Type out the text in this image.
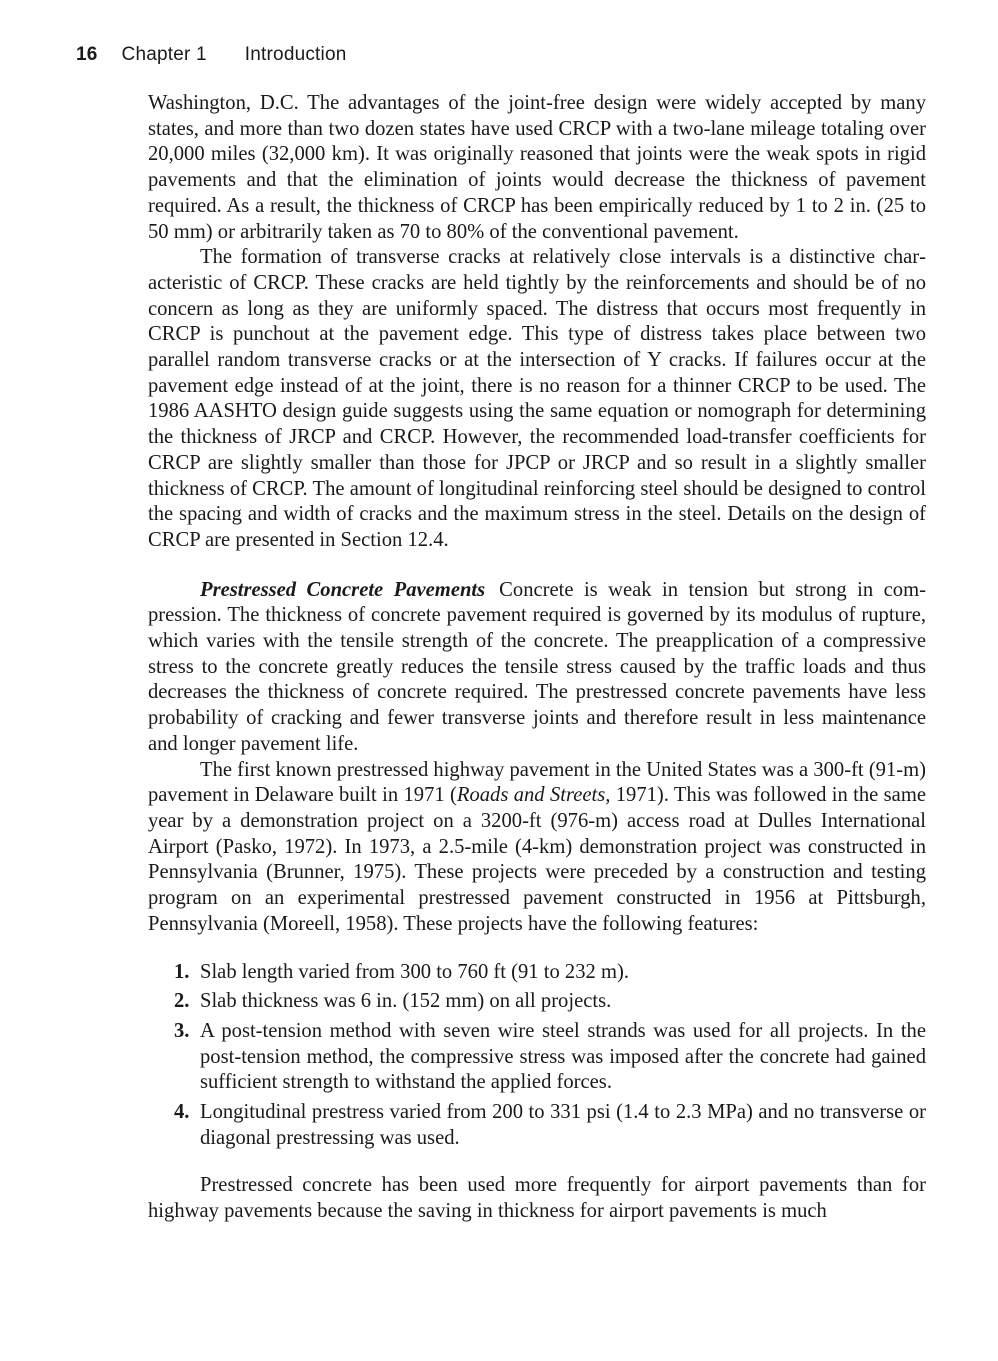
16 Chapter 1 Introduction

Washington, D.C. The advantages of the joint-free design were widely accepted by many states, and more than two dozen states have used CRCP with a two-lane mileage totaling over 20,000 miles (32,000 km). It was originally reasoned that joints were the weak spots in rigid pavements and that the elimination of joints would decrease the thickness of pavement required. As a result, the thickness of CRCP has been empirically reduced by 1 to 2 in. (25 to 50 mm) or arbitrarily taken as 70 to 80% of the conventional pavement.

The formation of transverse cracks at relatively close intervals is a distinctive characteristic of CRCP. These cracks are held tightly by the reinforcements and should be of no concern as long as they are uniformly spaced. The distress that occurs most frequently in CRCP is punchout at the pavement edge. This type of distress takes place between two parallel random transverse cracks or at the intersection of Y cracks. If failures occur at the pavement edge instead of at the joint, there is no reason for a thinner CRCP to be used. The 1986 AASHTO design guide suggests using the same equation or nomograph for determining the thickness of JRCP and CRCP. However, the recommended load-transfer coefficients for CRCP are slightly smaller than those for JPCP or JRCP and so result in a slightly smaller thickness of CRCP. The amount of longitudinal reinforcing steel should be designed to control the spacing and width of cracks and the maximum stress in the steel. Details on the design of CRCP are presented in Section 12.4.

Prestressed Concrete Pavements Concrete is weak in tension but strong in compression. The thickness of concrete pavement required is governed by its modulus of rupture, which varies with the tensile strength of the concrete. The preapplication of a compressive stress to the concrete greatly reduces the tensile stress caused by the traffic loads and thus decreases the thickness of concrete required. The prestressed concrete pavements have less probability of cracking and fewer transverse joints and therefore result in less maintenance and longer pavement life.

The first known prestressed highway pavement in the United States was a 300-ft (91-m) pavement in Delaware built in 1971 (Roads and Streets, 1971). This was followed in the same year by a demonstration project on a 3200-ft (976-m) access road at Dulles International Airport (Pasko, 1972). In 1973, a 2.5-mile (4-km) demonstration project was constructed in Pennsylvania (Brunner, 1975). These projects were preceded by a construction and testing program on an experimental prestressed pavement constructed in 1956 at Pittsburgh, Pennsylvania (Moreell, 1958). These projects have the following features:

1. Slab length varied from 300 to 760 ft (91 to 232 m).
2. Slab thickness was 6 in. (152 mm) on all projects.
3. A post-tension method with seven wire steel strands was used for all projects. In the post-tension method, the compressive stress was imposed after the concrete had gained sufficient strength to withstand the applied forces.
4. Longitudinal prestress varied from 200 to 331 psi (1.4 to 2.3 MPa) and no transverse or diagonal prestressing was used.

Prestressed concrete has been used more frequently for airport pavements than for highway pavements because the saving in thickness for airport pavements is much
